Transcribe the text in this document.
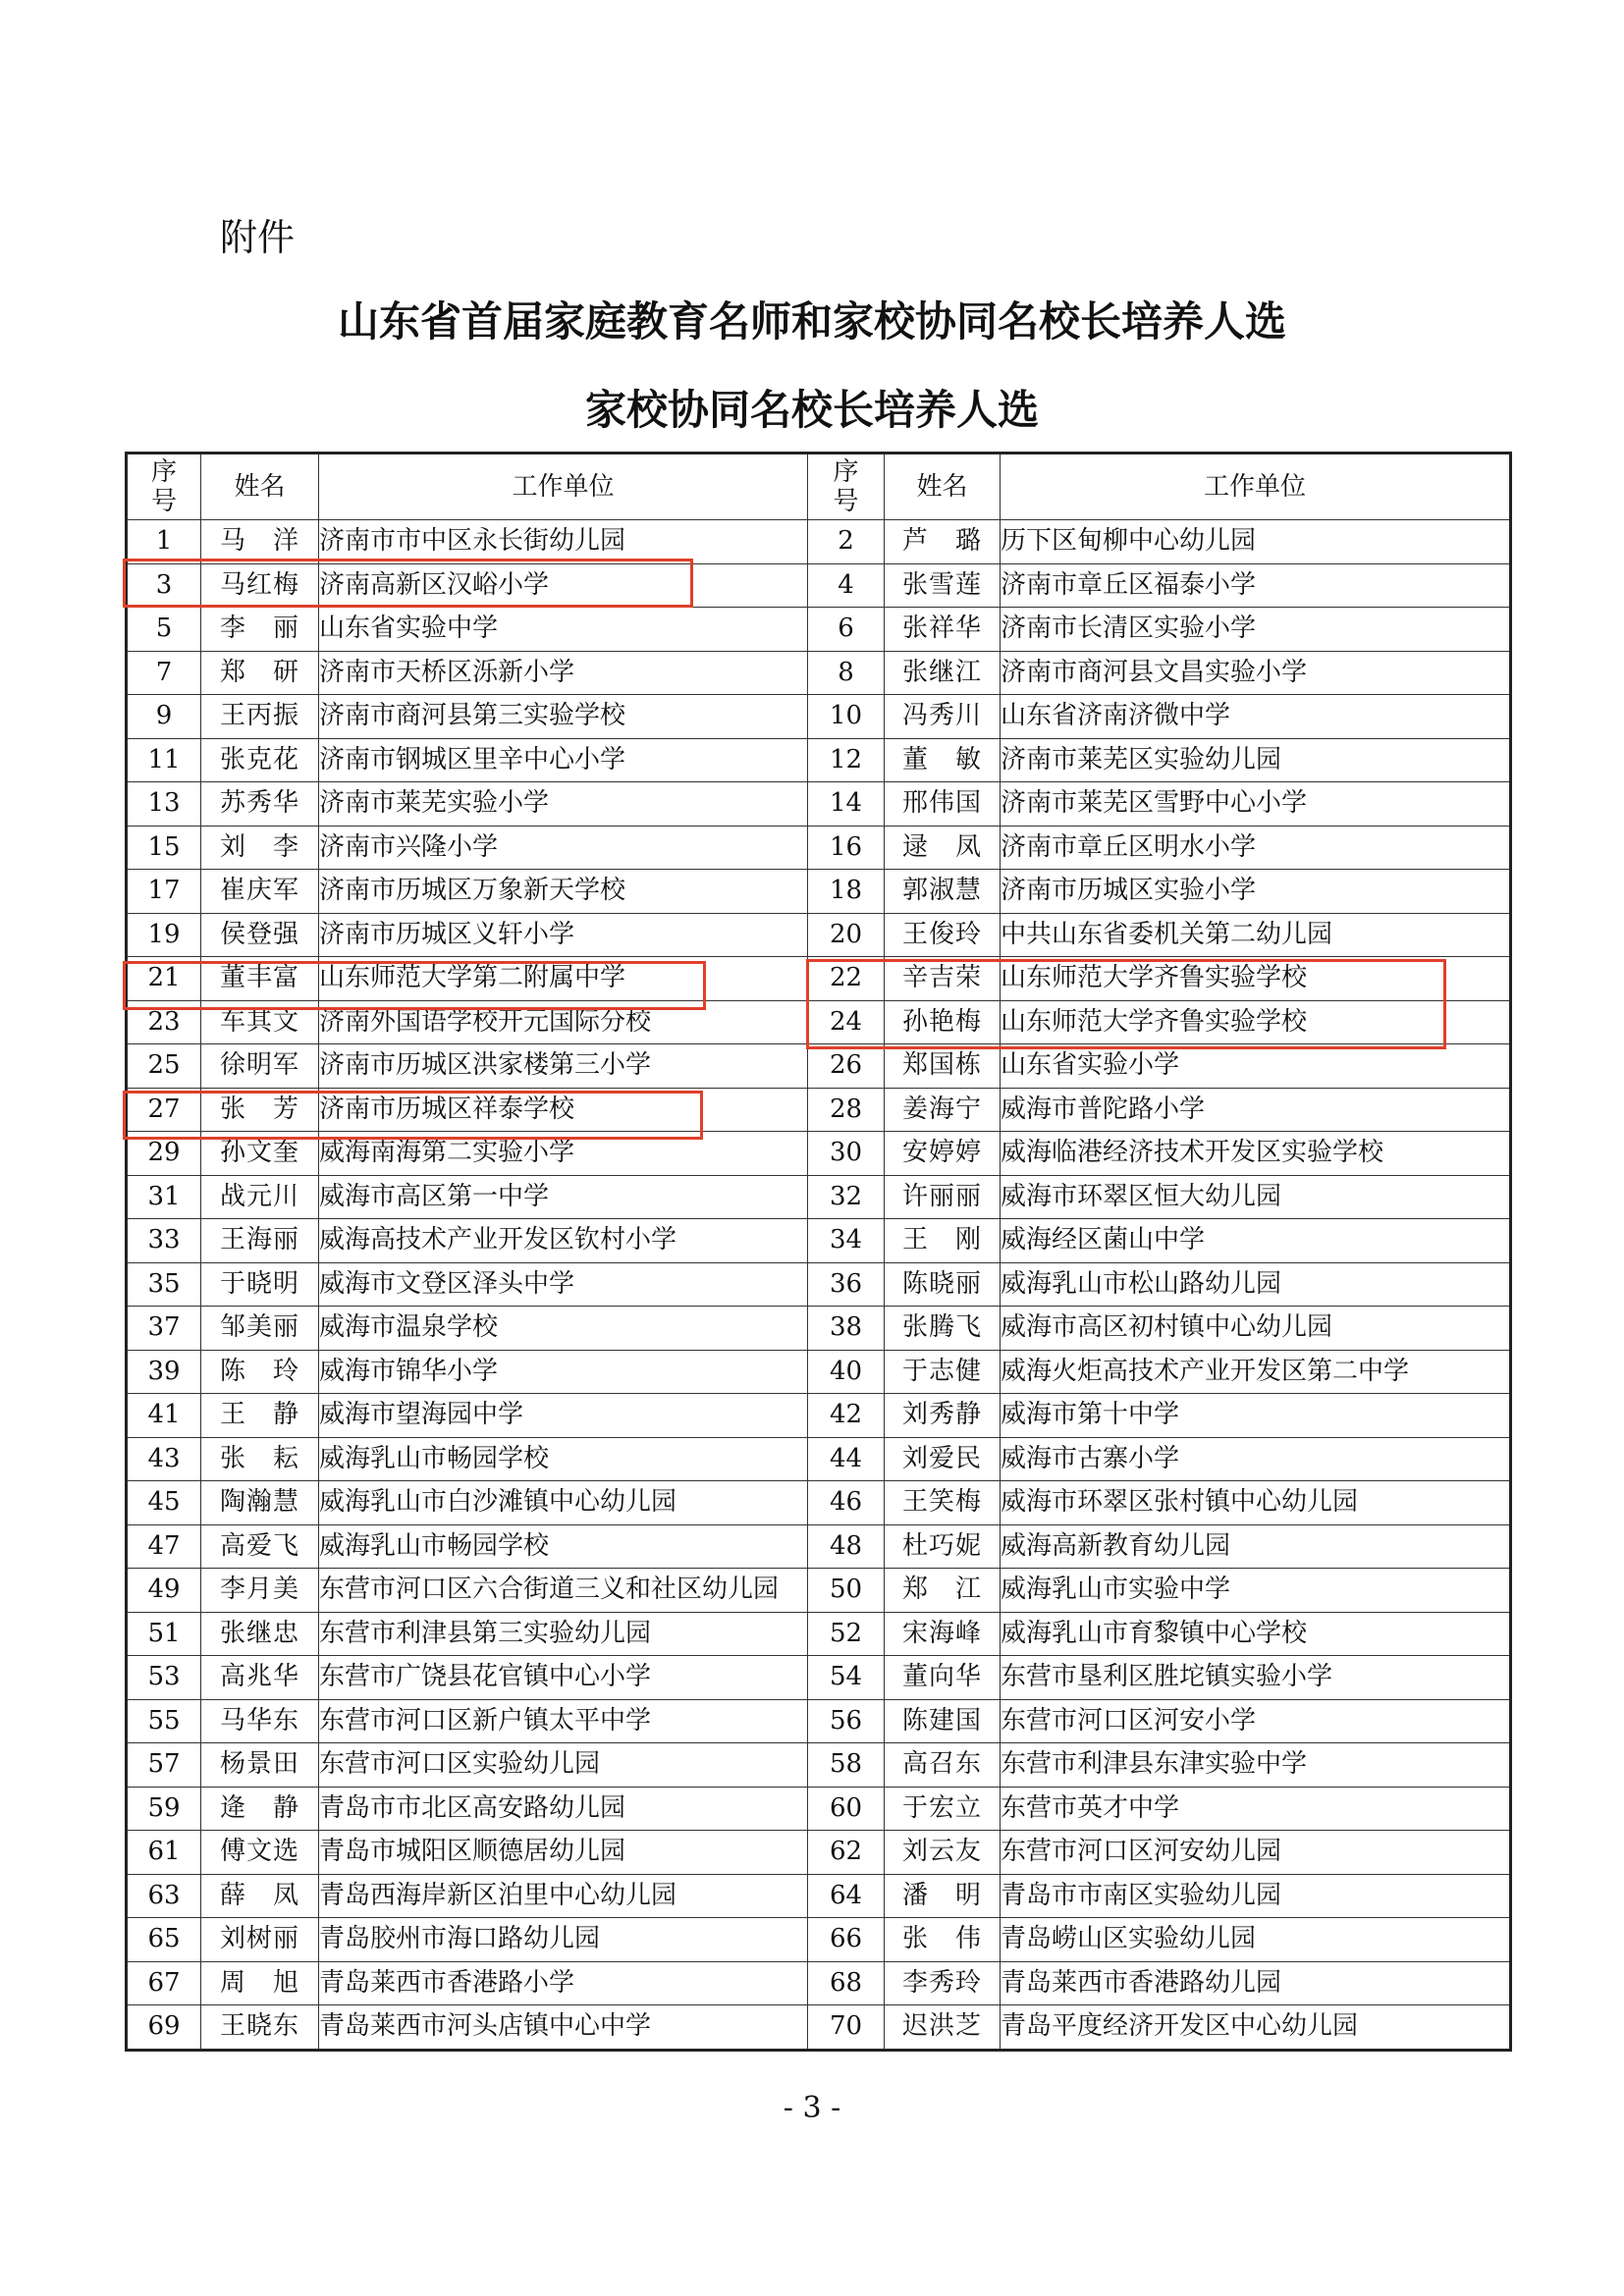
附件
山东省首届家庭教育名师和家校协同名校长培养人选
家校协同名校长培养人选
序号	姓名	工作单位	序号	姓名	工作单位
1	马　洋	济南市市中区永长街幼儿园	2	芦　璐	历下区甸柳中心幼儿园
3	马红梅	济南高新区汉峪小学	4	张雪莲	济南市章丘区福泰小学
5	李　丽	山东省实验中学	6	张祥华	济南市长清区实验小学
7	郑　研	济南市天桥区泺新小学	8	张继江	济南市商河县文昌实验小学
9	王丙振	济南市商河县第三实验学校	10	冯秀川	山东省济南济微中学
11	张克花	济南市钢城区里辛中心小学	12	董　敏	济南市莱芜区实验幼儿园
13	苏秀华	济南市莱芜实验小学	14	邢伟国	济南市莱芜区雪野中心小学
15	刘　李	济南市兴隆小学	16	逯　凤	济南市章丘区明水小学
17	崔庆军	济南市历城区万象新天学校	18	郭淑慧	济南市历城区实验小学
19	侯登强	济南市历城区义轩小学	20	王俊玲	中共山东省委机关第二幼儿园
21	董丰富	山东师范大学第二附属中学	22	辛吉荣	山东师范大学齐鲁实验学校
23	车其文	济南外国语学校开元国际分校	24	孙艳梅	山东师范大学齐鲁实验学校
25	徐明军	济南市历城区洪家楼第三小学	26	郑国栋	山东省实验小学
27	张　芳	济南市历城区祥泰学校	28	姜海宁	威海市普陀路小学
29	孙文奎	威海南海第二实验小学	30	安婷婷	威海临港经济技术开发区实验学校
31	战元川	威海市高区第一中学	32	许丽丽	威海市环翠区恒大幼儿园
33	王海丽	威海高技术产业开发区钦村小学	34	王　刚	威海经区菌山中学
35	于晓明	威海市文登区泽头中学	36	陈晓丽	威海乳山市松山路幼儿园
37	邹美丽	威海市温泉学校	38	张腾飞	威海市高区初村镇中心幼儿园
39	陈　玲	威海市锦华小学	40	于志健	威海火炬高技术产业开发区第二中学
41	王　静	威海市望海园中学	42	刘秀静	威海市第十中学
43	张　耘	威海乳山市畅园学校	44	刘爱民	威海市古寨小学
45	陶瀚慧	威海乳山市白沙滩镇中心幼儿园	46	王笑梅	威海市环翠区张村镇中心幼儿园
47	高爱飞	威海乳山市畅园学校	48	杜巧妮	威海高新教育幼儿园
49	李月美	东营市河口区六合街道三义和社区幼儿园	50	郑　江	威海乳山市实验中学
51	张继忠	东营市利津县第三实验幼儿园	52	宋海峰	威海乳山市育黎镇中心学校
53	高兆华	东营市广饶县花官镇中心小学	54	董向华	东营市垦利区胜坨镇实验小学
55	马华东	东营市河口区新户镇太平中学	56	陈建国	东营市河口区河安小学
57	杨景田	东营市河口区实验幼儿园	58	高召东	东营市利津县东津实验中学
59	逄　静	青岛市市北区高安路幼儿园	60	于宏立	东营市英才中学
61	傅文选	青岛市城阳区顺德居幼儿园	62	刘云友	东营市河口区河安幼儿园
63	薛　凤	青岛西海岸新区泊里中心幼儿园	64	潘　明	青岛市市南区实验幼儿园
65	刘树丽	青岛胶州市海口路幼儿园	66	张　伟	青岛崂山区实验幼儿园
67	周　旭	青岛莱西市香港路小学	68	李秀玲	青岛莱西市香港路幼儿园
69	王晓东	青岛莱西市河头店镇中心中学	70	迟洪芝	青岛平度经济开发区中心幼儿园
- 3 -
